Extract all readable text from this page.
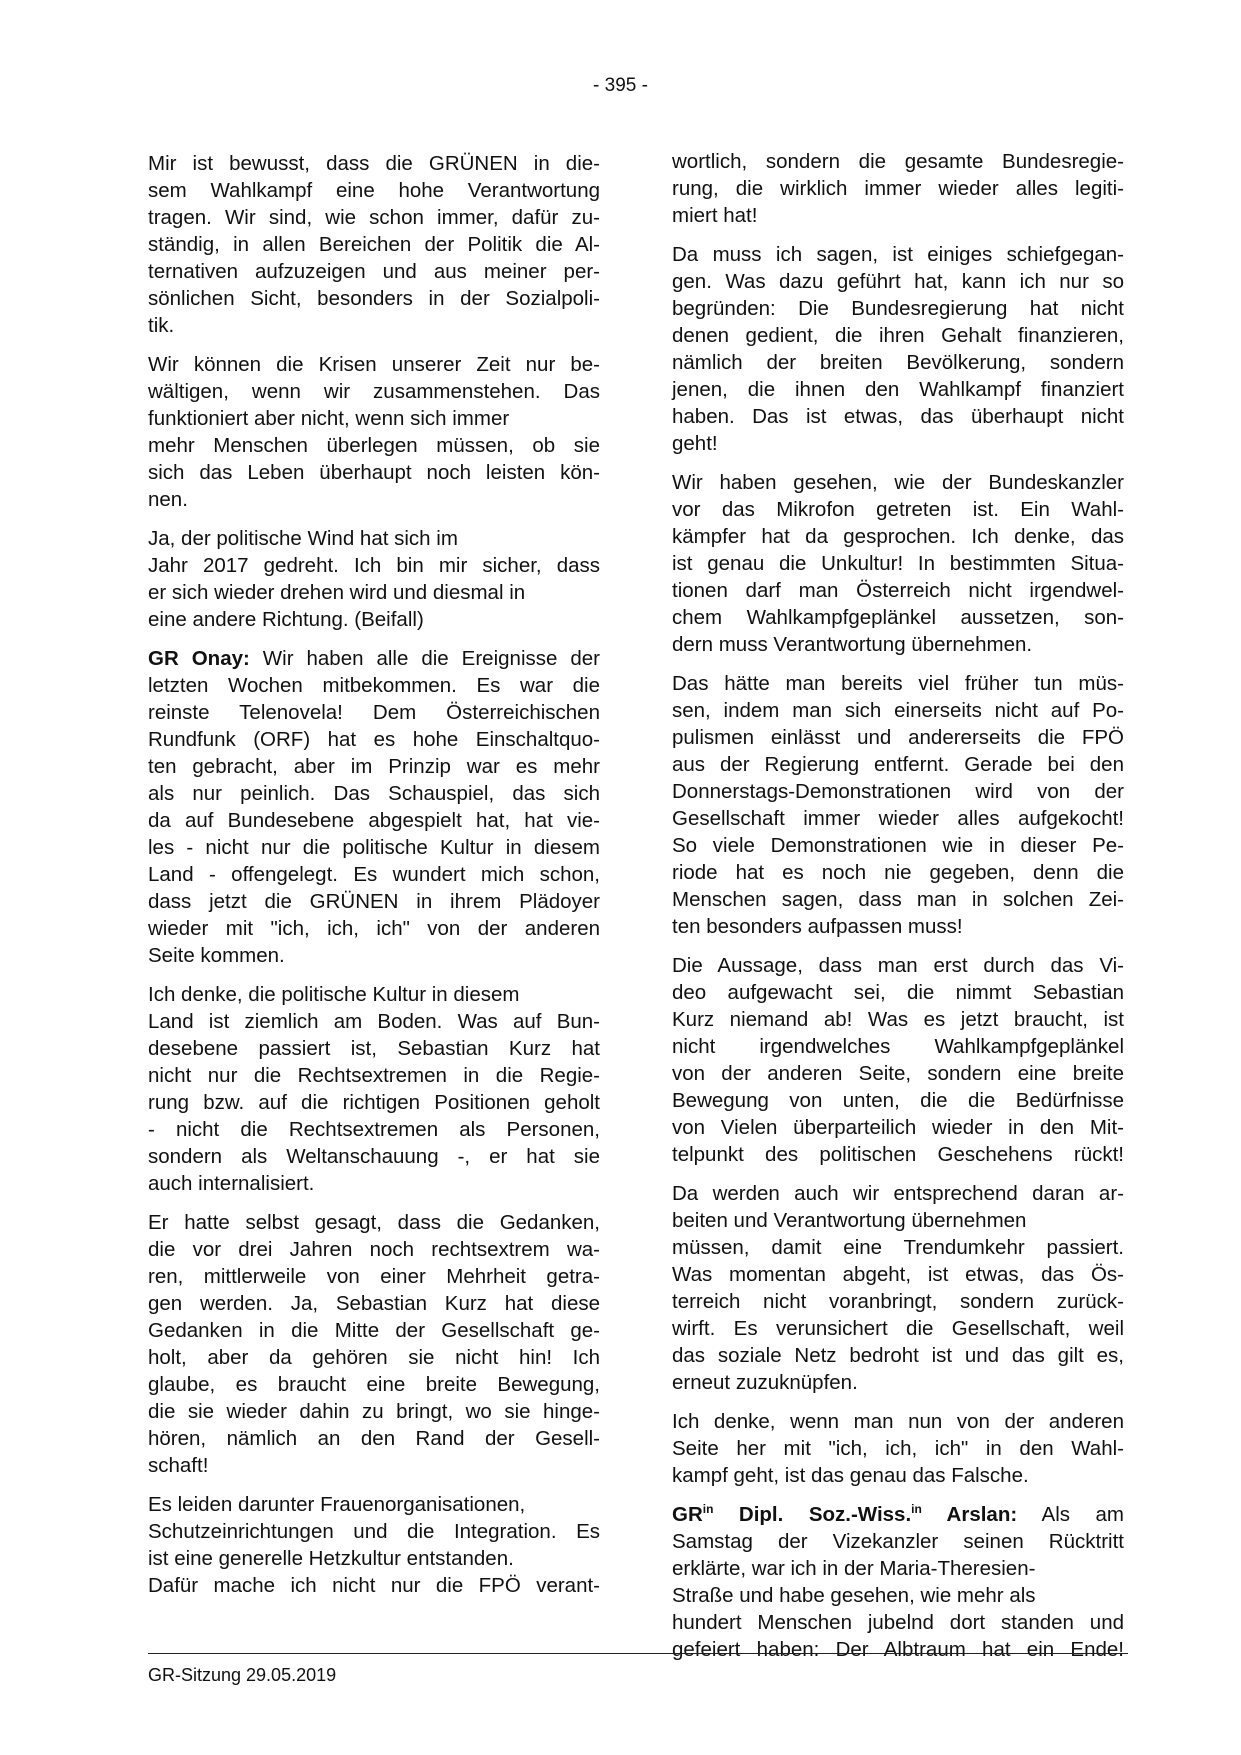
- 395 -
Mir ist bewusst, dass die GRÜNEN in die-
sem Wahlkampf eine hohe Verantwortung
tragen. Wir sind, wie schon immer, dafür zu-
ständig, in allen Bereichen der Politik die Al-
ternativen aufzuzeigen und aus meiner per-
sönlichen Sicht, besonders in der Sozialpoli-
tik.
Wir können die Krisen unserer Zeit nur be-
wältigen, wenn wir zusammenstehen. Das
funktioniert aber nicht, wenn sich immer
mehr Menschen überlegen müssen, ob sie
sich das Leben überhaupt noch leisten kön-
nen.
Ja, der politische Wind hat sich im
Jahr 2017 gedreht. Ich bin mir sicher, dass
er sich wieder drehen wird und diesmal in
eine andere Richtung. (Beifall)
GR Onay: Wir haben alle die Ereignisse der
letzten Wochen mitbekommen. Es war die
reinste Telenovela! Dem Österreichischen
Rundfunk (ORF) hat es hohe Einschaltquo-
ten gebracht, aber im Prinzip war es mehr
als nur peinlich. Das Schauspiel, das sich
da auf Bundesebene abgespielt hat, hat vie-
les - nicht nur die politische Kultur in diesem
Land - offengelegt. Es wundert mich schon,
dass jetzt die GRÜNEN in ihrem Plädoyer
wieder mit "ich, ich, ich" von der anderen
Seite kommen.
Ich denke, die politische Kultur in diesem
Land ist ziemlich am Boden. Was auf Bun-
desebene passiert ist, Sebastian Kurz hat
nicht nur die Rechtsextremen in die Regie-
rung bzw. auf die richtigen Positionen geholt
- nicht die Rechtsextremen als Personen,
sondern als Weltanschauung -, er hat sie
auch internalisiert.
Er hatte selbst gesagt, dass die Gedanken,
die vor drei Jahren noch rechtsextrem wa-
ren, mittlerweile von einer Mehrheit getra-
gen werden. Ja, Sebastian Kurz hat diese
Gedanken in die Mitte der Gesellschaft ge-
holt, aber da gehören sie nicht hin! Ich
glaube, es braucht eine breite Bewegung,
die sie wieder dahin zu bringt, wo sie hinge-
hören, nämlich an den Rand der Gesell-
schaft!
Es leiden darunter Frauenorganisationen,
Schutzeinrichtungen und die Integration. Es
ist eine generelle Hetzkultur entstanden.
Dafür mache ich nicht nur die FPÖ verant-
wortlich, sondern die gesamte Bundesregie-
rung, die wirklich immer wieder alles legiti-
miert hat!
Da muss ich sagen, ist einiges schiefgegan-
gen. Was dazu geführt hat, kann ich nur so
begründen: Die Bundesregierung hat nicht
denen gedient, die ihren Gehalt finanzieren,
nämlich der breiten Bevölkerung, sondern
jenen, die ihnen den Wahlkampf finanziert
haben. Das ist etwas, das überhaupt nicht
geht!
Wir haben gesehen, wie der Bundeskanzler
vor das Mikrofon getreten ist. Ein Wahl-
kämpfer hat da gesprochen. Ich denke, das
ist genau die Unkultur! In bestimmten Situa-
tionen darf man Österreich nicht irgendwel-
chem Wahlkampfgeplänkel aussetzen, son-
dern muss Verantwortung übernehmen.
Das hätte man bereits viel früher tun müs-
sen, indem man sich einerseits nicht auf Po-
pulismen einlässt und andererseits die FPÖ
aus der Regierung entfernt. Gerade bei den
Donnerstags-Demonstrationen wird von der
Gesellschaft immer wieder alles aufgekocht!
So viele Demonstrationen wie in dieser Pe-
riode hat es noch nie gegeben, denn die
Menschen sagen, dass man in solchen Zei-
ten besonders aufpassen muss!
Die Aussage, dass man erst durch das Vi-
deo aufgewacht sei, die nimmt Sebastian
Kurz niemand ab! Was es jetzt braucht, ist
nicht irgendwelches Wahlkampfgeplänkel
von der anderen Seite, sondern eine breite
Bewegung von unten, die die Bedürfnisse
von Vielen überparteilich wieder in den Mit-
telpunkt des politischen Geschehens rückt!
Da werden auch wir entsprechend daran ar-
beiten und Verantwortung übernehmen
müssen, damit eine Trendumkehr passiert.
Was momentan abgeht, ist etwas, das Ös-
terreich nicht voranbringt, sondern zurück-
wirft. Es verunsichert die Gesellschaft, weil
das soziale Netz bedroht ist und das gilt es,
erneut zuzuknüpfen.
Ich denke, wenn man nun von der anderen
Seite her mit "ich, ich, ich" in den Wahl-
kampf geht, ist das genau das Falsche.
$GR^{in}$ Dipl. Soz.-Wiss.$^{in}$ Arslan: Als am
Samstag der Vizekanzler seinen Rücktritt
erklärte, war ich in der Maria-Theresien-
Straße und habe gesehen, wie mehr als
hundert Menschen jubelnd dort standen und
gefeiert haben: Der Albtraum hat ein Ende!
GR-Sitzung 29.05.2019
